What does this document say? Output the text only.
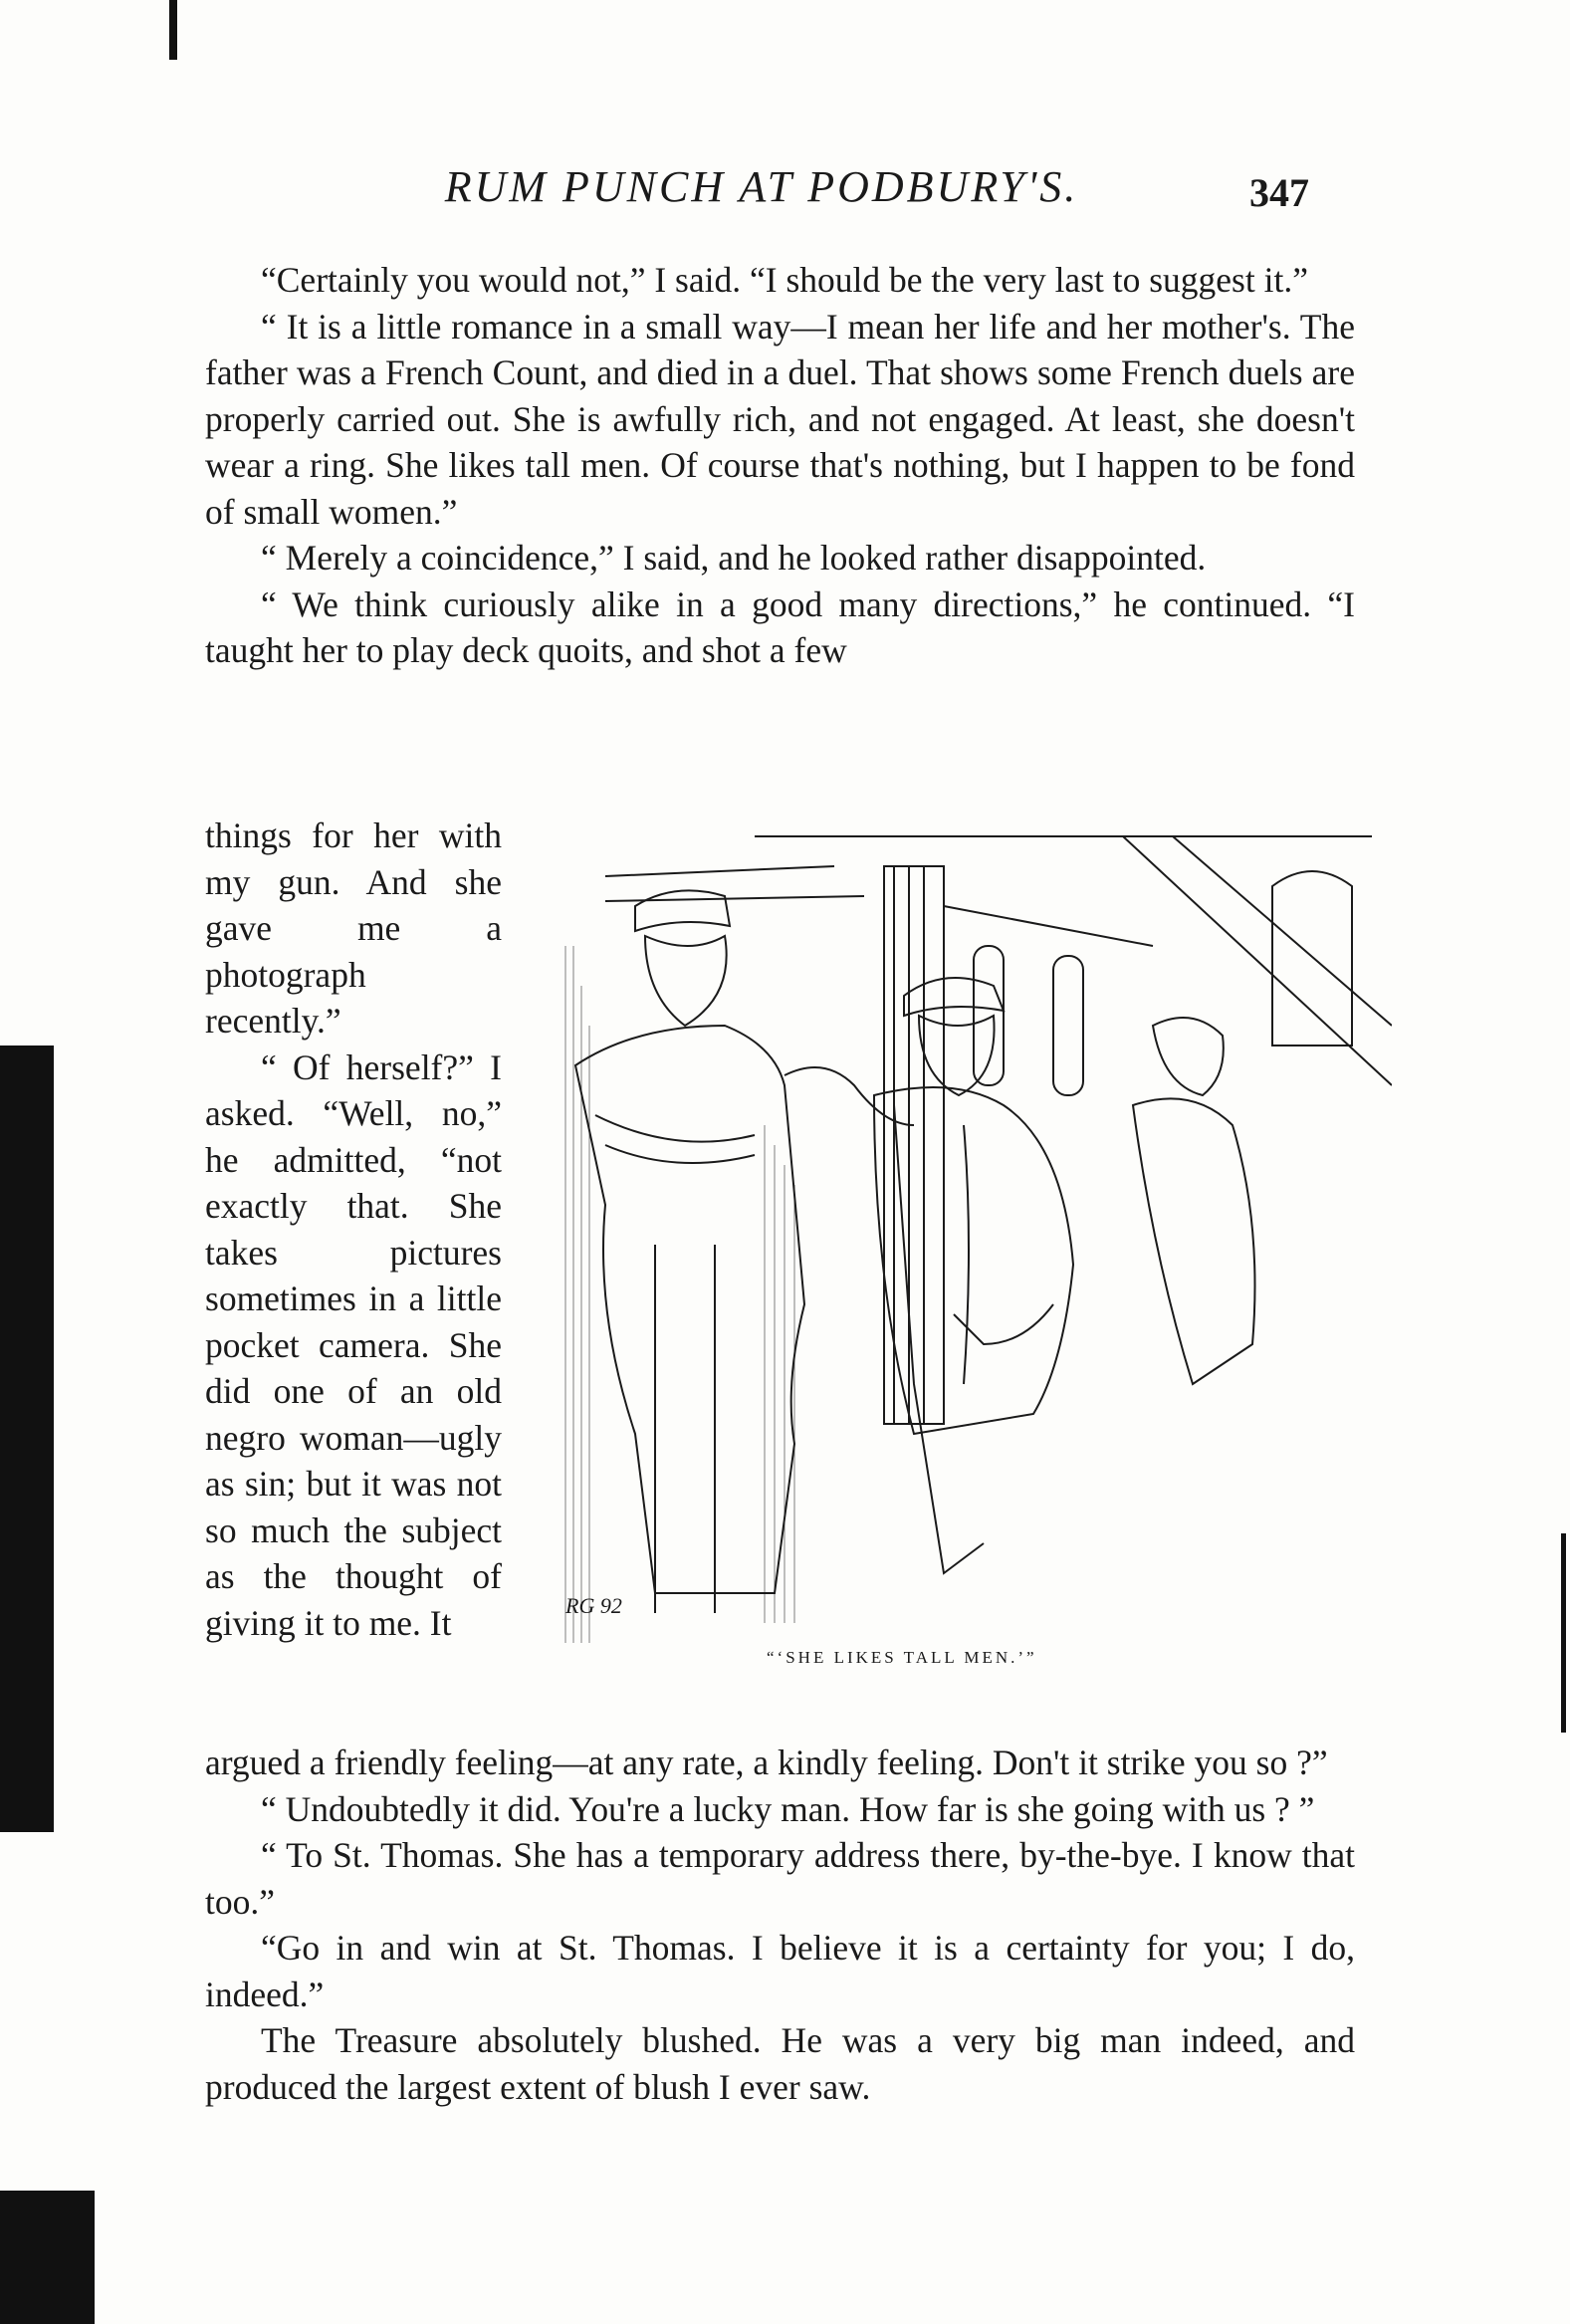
RUM PUNCH AT PODBURY'S.	347

“Certainly you would not,” I said. “I should be the very last to suggest it.”

“ It is a little romance in a small way—I mean her life and her mother's. The father was a French Count, and died in a duel. That shows some French duels are properly carried out. She is awfully rich, and not engaged. At least, she doesn't wear a ring. She likes tall men. Of course that's nothing, but I happen to be fond of small women.”

“ Merely a coincidence,” I said, and he looked rather disappointed.

“ We think curiously alike in a good many directions,” he continued. “I taught her to play deck quoits, and shot a few

things for her with my gun. And she gave me a photograph recently.”

“ Of herself?” I asked. “Well, no,” he admitted, “not exactly that. She takes pictures sometimes in a little pocket camera. She did one of an old negro woman—ugly as sin; but it was not so much the subject as the thought of giving it to me. It	RG 92
“‘SHE LIKES TALL MEN.’”

argued a friendly feeling—at any rate, a kindly feeling. Don't it strike you so ?”

“ Undoubtedly it did. You're a lucky man. How far is she going with us ? ”

“ To St. Thomas. She has a temporary address there, by-the-bye. I know that too.”

“Go in and win at St. Thomas. I believe it is a certainty for you; I do, indeed.”

The Treasure absolutely blushed. He was a very big man indeed, and produced the largest extent of blush I ever saw.
